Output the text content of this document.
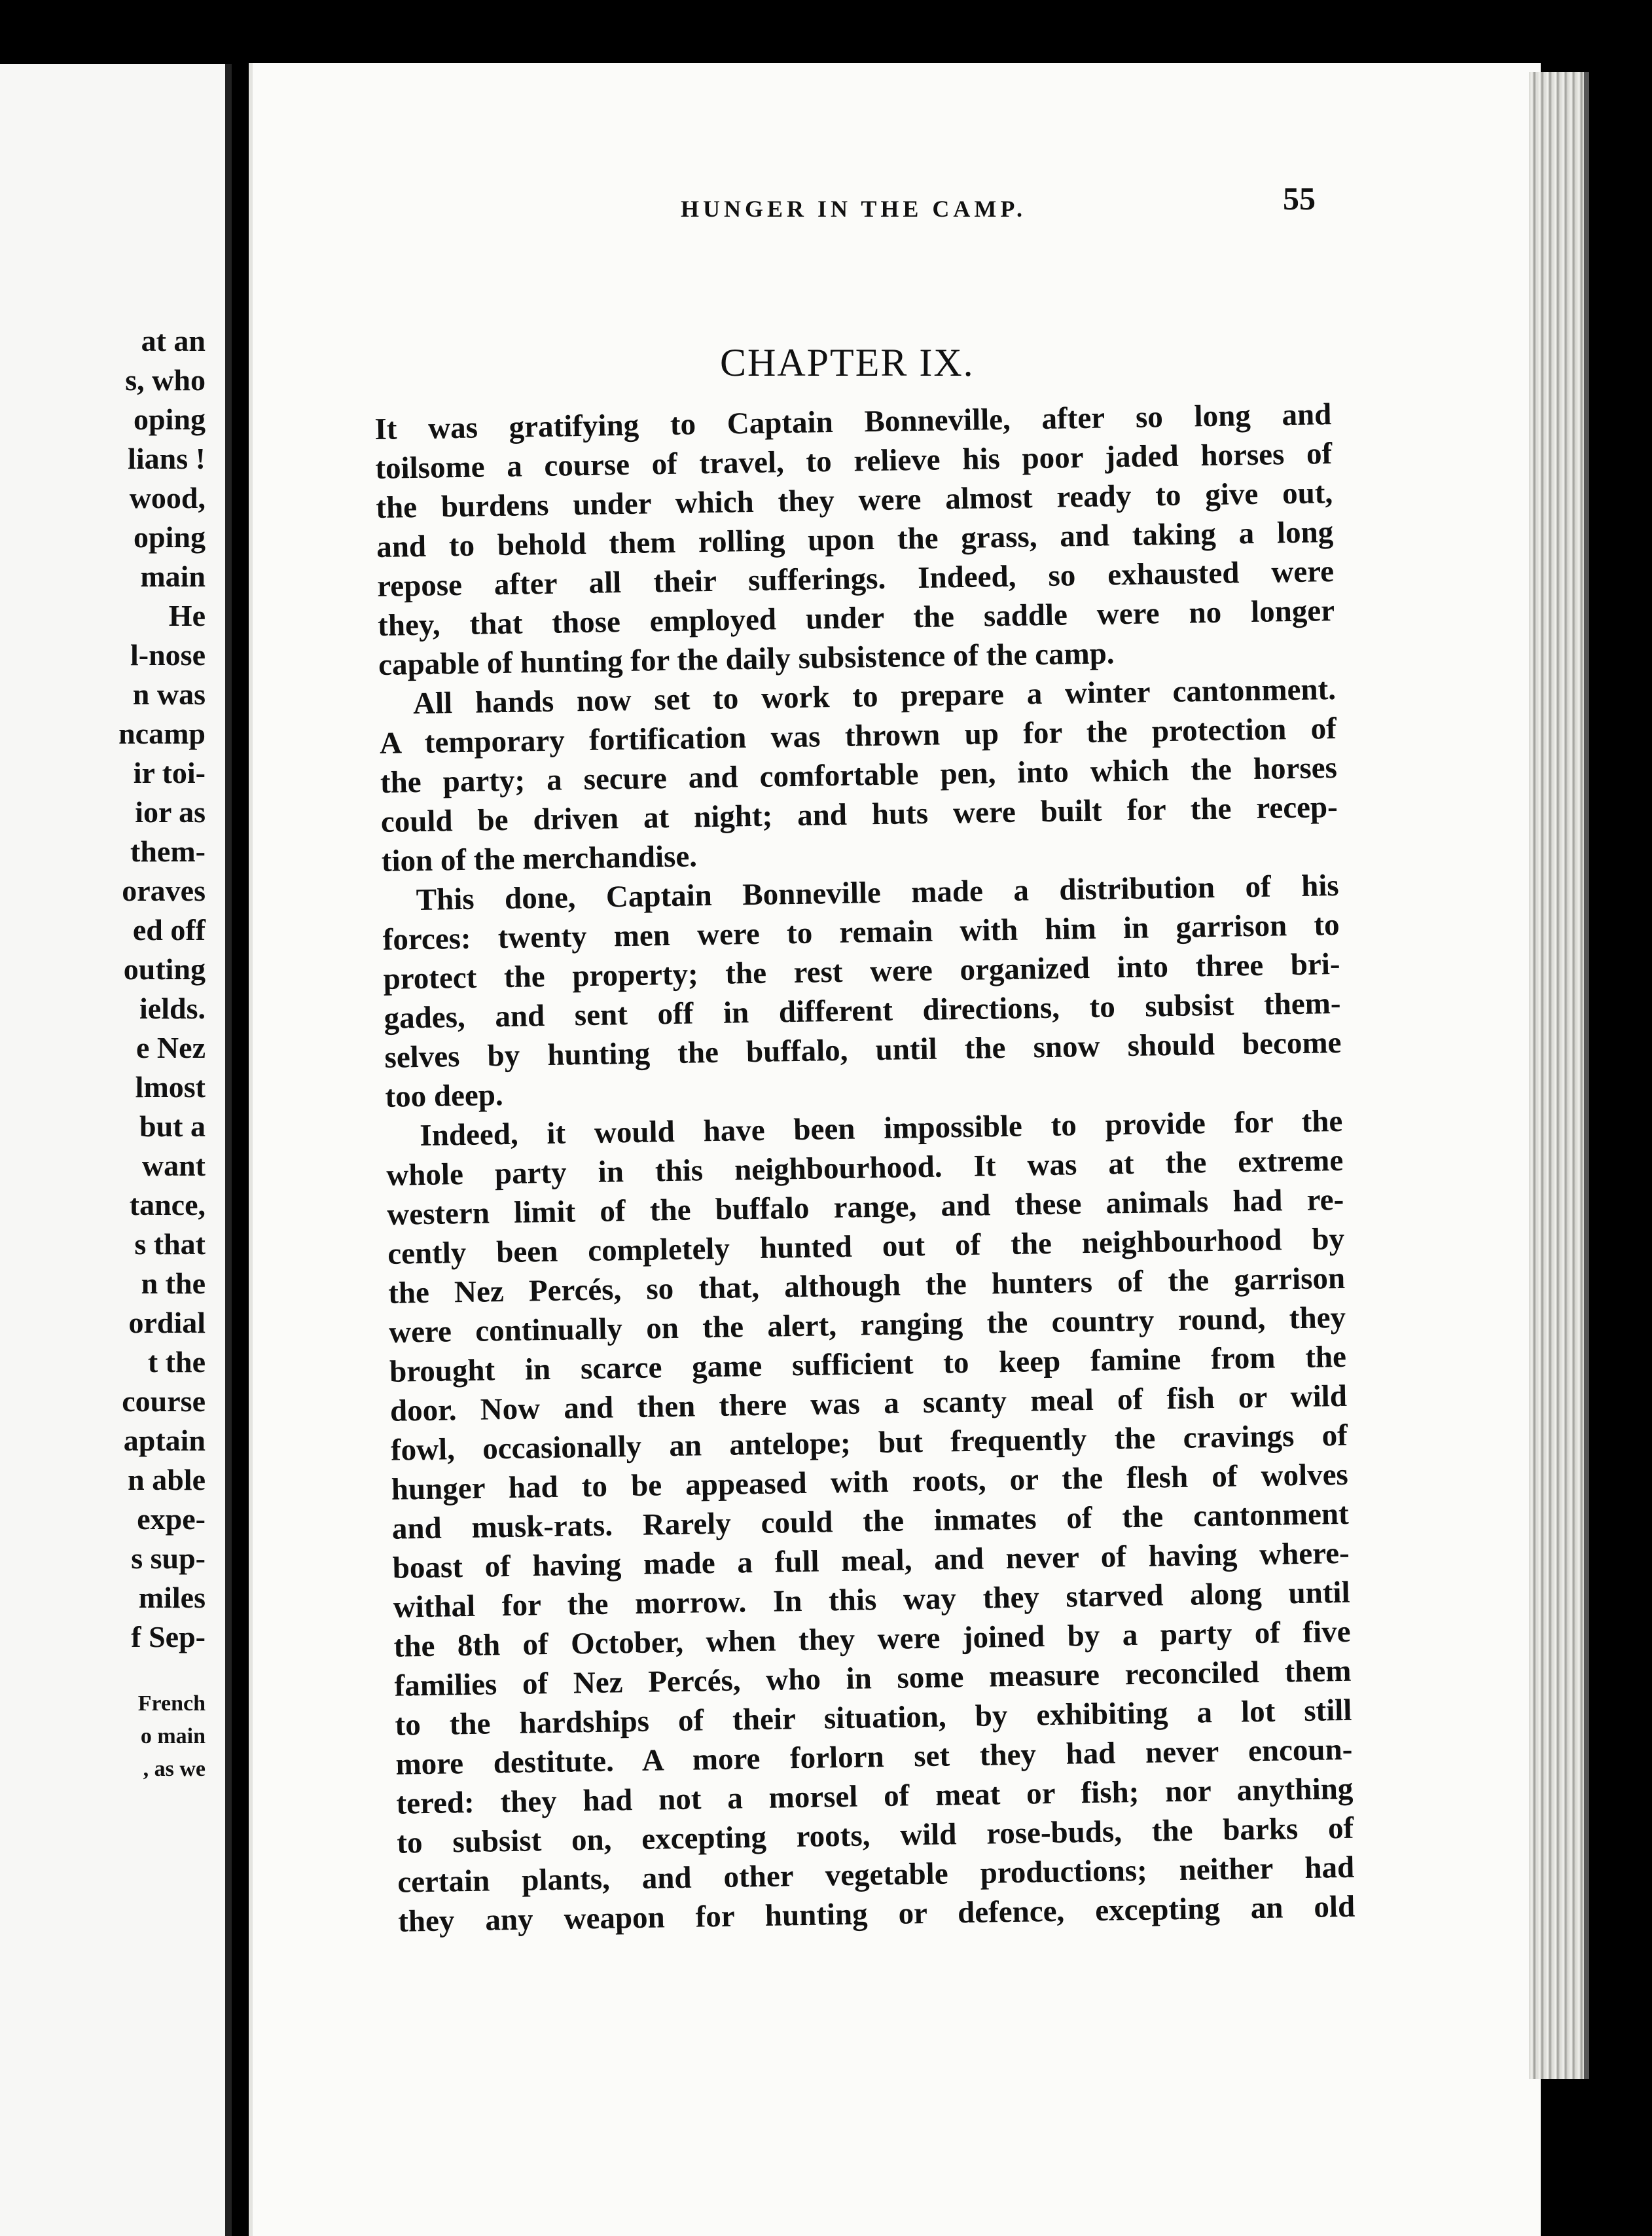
at an
s, who
oping
lians !
wood,
oping
main
He
l-nose
n was
ncamp
ir toi-
ior as
them-
oraves
ed off
outing
ields.
e Nez
lmost
but a
want
tance,
s that
n the
ordial
t the
course
aptain
n able
expe-
s sup-
miles
f Sep-
French
o main
, as we
HUNGER IN THE CAMP.	55
CHAPTER IX.
It was gratifying to Captain Bonneville, after so long and
toilsome a course of travel, to relieve his poor jaded horses of
the burdens under which they were almost ready to give out,
and to behold them rolling upon the grass, and taking a long
repose after all their sufferings. Indeed, so exhausted were
they, that those employed under the saddle were no longer
capable of hunting for the daily subsistence of the camp.
All hands now set to work to prepare a winter cantonment.
A temporary fortification was thrown up for the protection of
the party; a secure and comfortable pen, into which the horses
could be driven at night; and huts were built for the recep-
tion of the merchandise.
This done, Captain Bonneville made a distribution of his
forces: twenty men were to remain with him in garrison to
protect the property; the rest were organized into three bri-
gades, and sent off in different directions, to subsist them-
selves by hunting the buffalo, until the snow should become
too deep.
Indeed, it would have been impossible to provide for the
whole party in this neighbourhood. It was at the extreme
western limit of the buffalo range, and these animals had re-
cently been completely hunted out of the neighbourhood by
the Nez Percés, so that, although the hunters of the garrison
were continually on the alert, ranging the country round, they
brought in scarce game sufficient to keep famine from the
door. Now and then there was a scanty meal of fish or wild
fowl, occasionally an antelope; but frequently the cravings of
hunger had to be appeased with roots, or the flesh of wolves
and musk-rats. Rarely could the inmates of the cantonment
boast of having made a full meal, and never of having where-
withal for the morrow. In this way they starved along until
the 8th of October, when they were joined by a party of five
families of Nez Percés, who in some measure reconciled them
to the hardships of their situation, by exhibiting a lot still
more destitute. A more forlorn set they had never encoun-
tered: they had not a morsel of meat or fish; nor anything
to subsist on, excepting roots, wild rose-buds, the barks of
certain plants, and other vegetable productions; neither had
they any weapon for hunting or defence, excepting an old
